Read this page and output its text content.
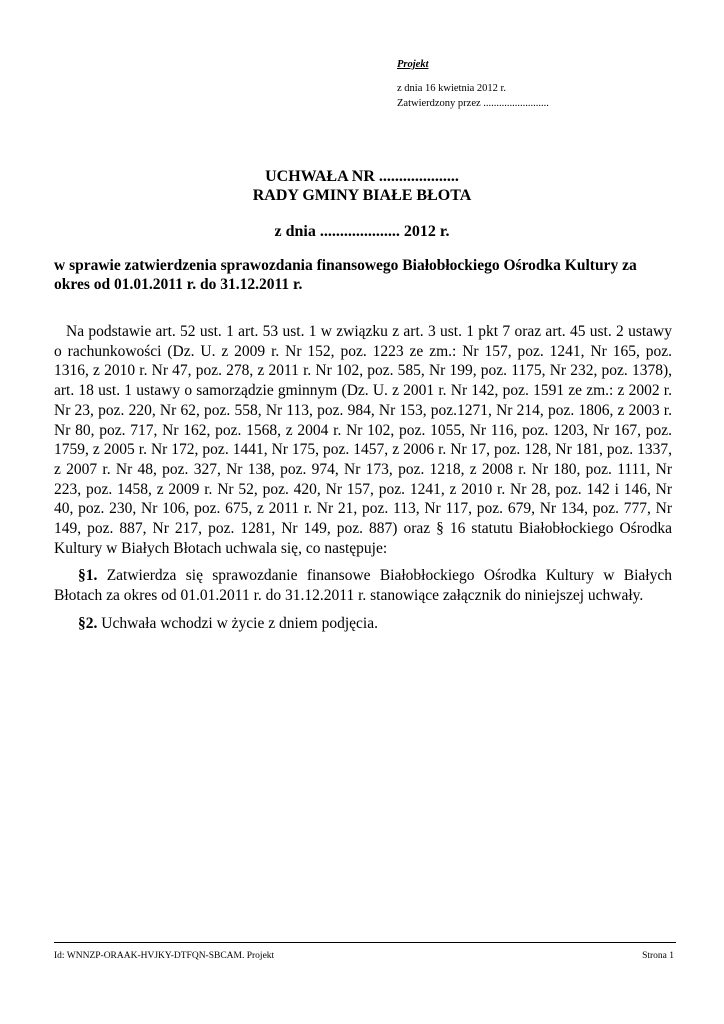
Projekt
z dnia 16 kwietnia 2012 r.
Zatwierdzony przez .........................
UCHWAŁA NR ....................
RADY GMINY BIAŁE BŁOTA
z dnia .................... 2012 r.
w sprawie zatwierdzenia sprawozdania finansowego Białobłockiego Ośrodka Kultury za okres od 01.01.2011 r. do 31.12.2011 r.

Na podstawie art. 52 ust. 1 art. 53 ust. 1 w związku z art. 3 ust. 1 pkt 7 oraz art. 45 ust. 2 ustawy o rachunkowości (Dz. U. z 2009 r. Nr 152, poz. 1223 ze zm.: Nr 157, poz. 1241, Nr 165, poz. 1316, z 2010 r. Nr 47, poz. 278, z 2011 r. Nr 102, poz. 585, Nr 199, poz. 1175, Nr 232, poz. 1378), art. 18 ust. 1 ustawy o samorządzie gminnym (Dz. U. z 2001 r. Nr 142, poz. 1591 ze zm.: z 2002 r. Nr 23, poz. 220, Nr 62, poz. 558, Nr 113, poz. 984, Nr 153, poz.1271, Nr 214, poz. 1806, z 2003 r. Nr 80, poz. 717, Nr 162, poz. 1568, z 2004 r. Nr 102, poz. 1055, Nr 116, poz. 1203, Nr 167, poz. 1759, z 2005 r. Nr 172, poz. 1441, Nr 175, poz. 1457, z 2006 r. Nr 17, poz. 128, Nr 181, poz. 1337, z 2007 r. Nr 48, poz. 327, Nr 138, poz. 974, Nr 173, poz. 1218, z 2008 r. Nr 180, poz. 1111, Nr 223, poz. 1458, z 2009 r. Nr 52, poz. 420, Nr 157, poz. 1241, z 2010 r. Nr 28, poz. 142 i 146, Nr 40, poz. 230, Nr 106, poz. 675, z 2011 r. Nr 21, poz. 113, Nr 117, poz. 679, Nr 134, poz. 777, Nr 149, poz. 887, Nr 217, poz. 1281, Nr 149, poz. 887) oraz § 16 statutu Białobłockiego Ośrodka Kultury w Białych Błotach uchwala się, co następuje:

§1. Zatwierdza się sprawozdanie finansowe Białobłockiego Ośrodka Kultury w Białych Błotach za okres od 01.01.2011 r. do 31.12.2011 r. stanowiące załącznik do niniejszej uchwały.

§2. Uchwała wchodzi w życie z dniem podjęcia.

Id: WNNZP-ORAAK-HVJKY-DTFQN-SBCAM. Projekt	Strona 1
